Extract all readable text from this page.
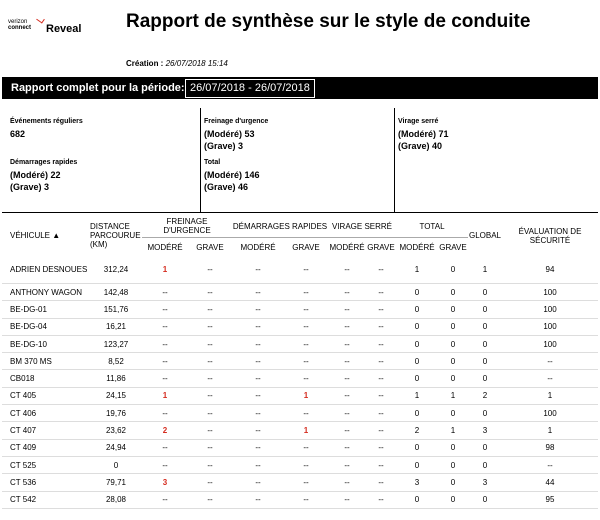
verizon
connect Reveal Rapport de synthèse sur le style de conduite
Création : 26/07/2018 15:14
Rapport complet pour la période: 26/07/2018 - 26/07/2018
Événements réguliers
682
Démarrages rapides
(Modéré) 22
(Grave) 3
Freinage d'urgence
(Modéré) 53
(Grave) 3
Total
(Modéré) 146
(Grave) 46
Virage serré
(Modéré) 71
(Grave) 40
VÉHICULE ▲	DISTANCE PARCOURUE (KM)	FREINAGE D'URGENCE		DÉMARRAGES RAPIDES		VIRAGE SERRÉ		TOTAL		GLOBAL	ÉVALUATION DE SÉCURITÉ
		MODÉRÉ	GRAVE	MODÉRÉ	GRAVE	MODÉRÉ	GRAVE	MODÉRÉ	GRAVE		
ADRIEN DESNOUES	312,24	1	--	--	--	--	--	1	0	1	94
ANTHONY WAGON	142,48	--	--	--	--	--	--	0	0	0	100
BE-DG-01	151,76	--	--	--	--	--	--	0	0	0	100
BE-DG-04	16,21	--	--	--	--	--	--	0	0	0	100
BE-DG-10	123,27	--	--	--	--	--	--	0	0	0	100
BM 370 MS	8,52	--	--	--	--	--	--	0	0	0	--
CB018	11,86	--	--	--	--	--	--	0	0	0	--
CT 405	24,15	1	--	--	1	--	--	1	1	2	1
CT 406	19,76	--	--	--	--	--	--	0	0	0	100
CT 407	23,62	2	--	--	1	--	--	2	1	3	1
CT 409	24,94	--	--	--	--	--	--	0	0	0	98
CT 525	0	--	--	--	--	--	--	0	0	0	--
CT 536	79,71	3	--	--	--	--	--	3	0	3	44
CT 542	28,08	--	--	--	--	--	--	0	0	0	95
